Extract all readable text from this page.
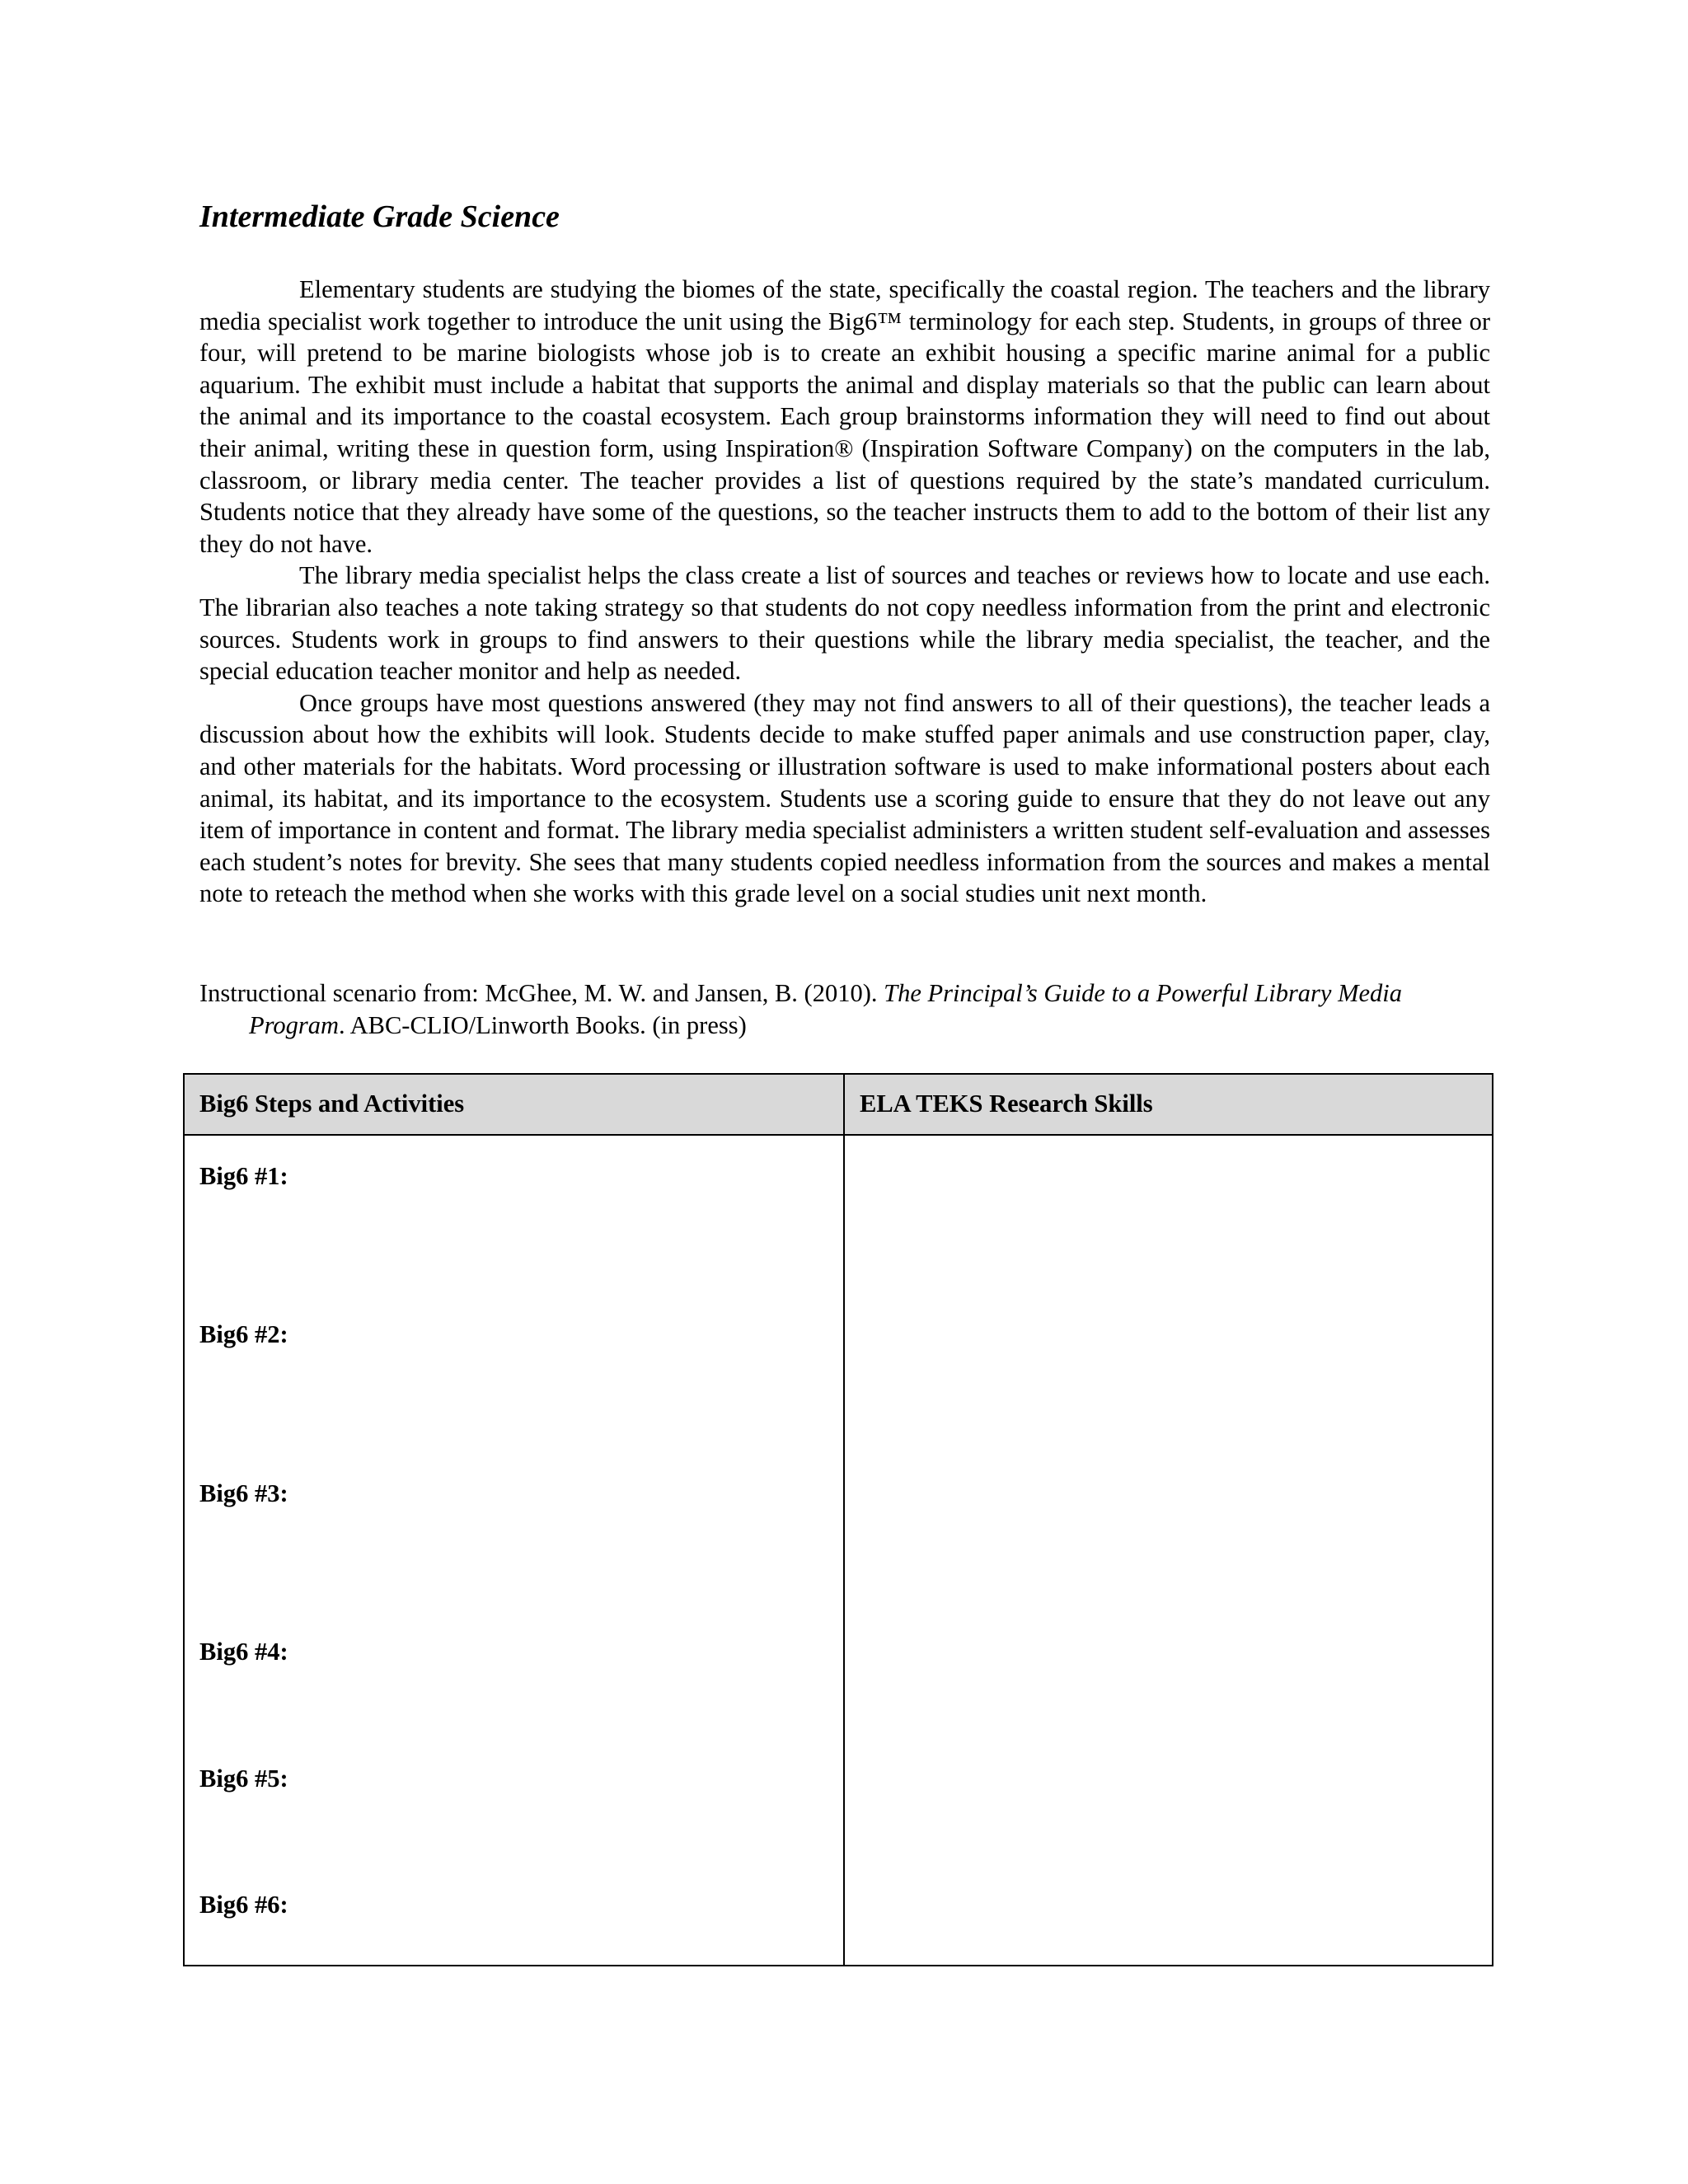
Intermediate Grade Science

Elementary students are studying the biomes of the state, specifically the coastal region. The teachers and the library media specialist work together to introduce the unit using the Big6™ terminology for each step. Students, in groups of three or four, will pretend to be marine biologists whose job is to create an exhibit housing a specific marine animal for a public aquarium. The exhibit must include a habitat that supports the animal and display materials so that the public can learn about the animal and its importance to the coastal ecosystem. Each group brainstorms information they will need to find out about their animal, writing these in question form, using Inspiration® (Inspiration Software Company) on the computers in the lab, classroom, or library media center. The teacher provides a list of questions required by the state’s mandated curriculum. Students notice that they already have some of the questions, so the teacher instructs them to add to the bottom of their list any they do not have.

The library media specialist helps the class create a list of sources and teaches or reviews how to locate and use each. The librarian also teaches a note taking strategy so that students do not copy needless information from the print and electronic sources. Students work in groups to find answers to their questions while the library media specialist, the teacher, and the special education teacher monitor and help as needed.

Once groups have most questions answered (they may not find answers to all of their questions), the teacher leads a discussion about how the exhibits will look. Students decide to make stuffed paper animals and use construction paper, clay, and other materials for the habitats. Word processing or illustration software is used to make informational posters about each animal, its habitat, and its importance to the ecosystem. Students use a scoring guide to ensure that they do not leave out any item of importance in content and format. The library media specialist administers a written student self-evaluation and assesses each student’s notes for brevity. She sees that many students copied needless information from the sources and makes a mental note to reteach the method when she works with this grade level on a social studies unit next month.

Instructional scenario from: McGhee, M. W. and Jansen, B. (2010). The Principal’s Guide to a Powerful Library Media Program. ABC-CLIO/Linworth Books. (in press)
Big6 Steps and Activities	ELA TEKS Research Skills

Big6 #1:

Big6 #2:

Big6 #3:

Big6 #4:

Big6 #5:

Big6 #6:
